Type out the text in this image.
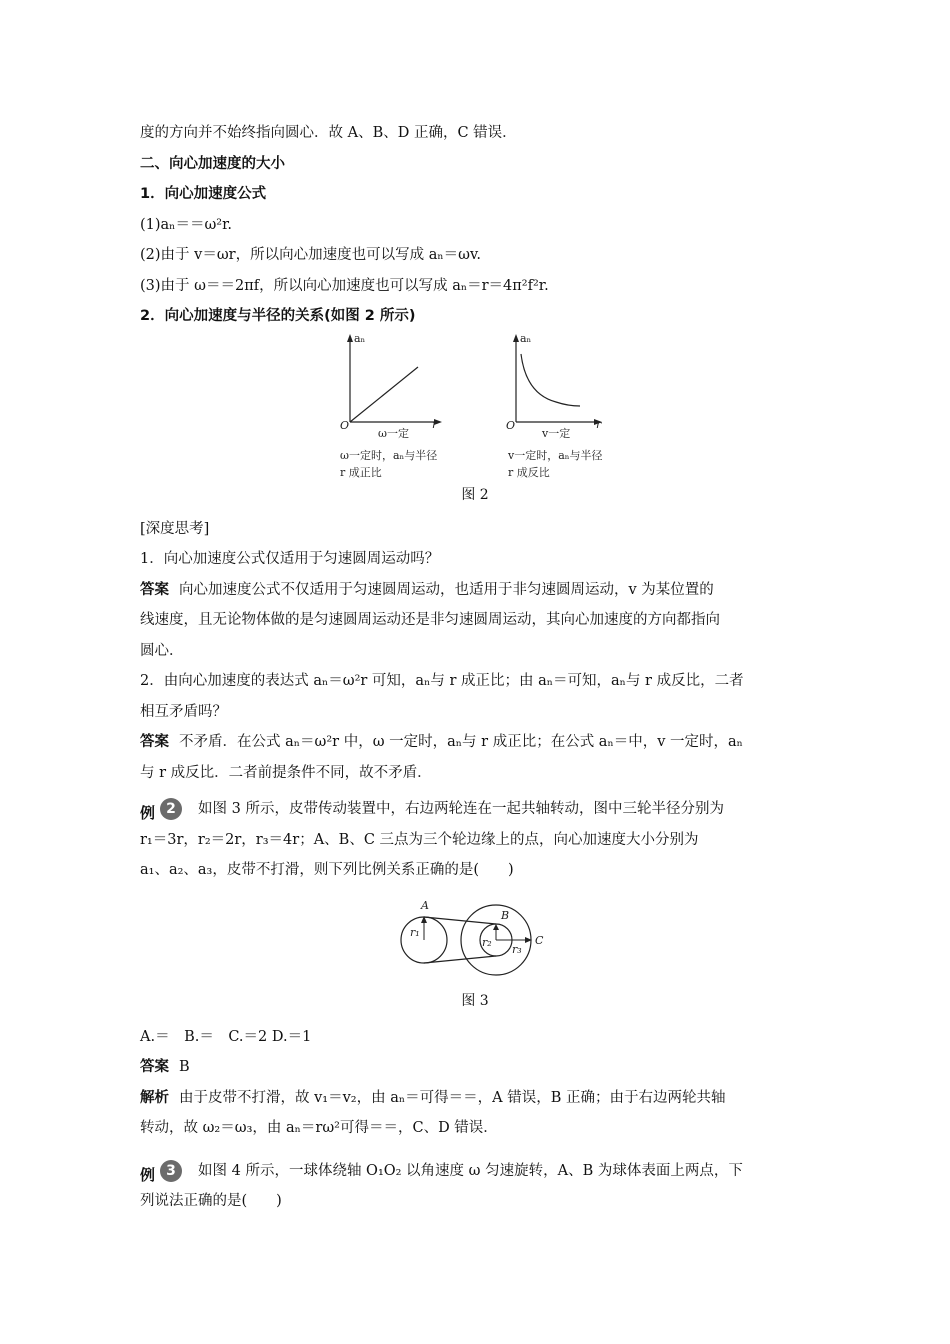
度的方向并不始终指向圆心．故 A、B、D 正确，C 错误．
二、向心加速度的大小
1．向心加速度公式
(1)aₙ＝＝ω²r.
(2)由于 v＝ωr，所以向心加速度也可以写成 aₙ＝ωv.
(3)由于 ω＝＝2πf，所以向心加速度也可以写成 aₙ＝r＝4π²f²r.
2．向心加速度与半径的关系(如图 2 所示)
aₙ
O	r
ω一定
ω一定时，aₙ与半径
r 成正比
aₙ
O	r
v一定
v一定时，aₙ与半径
r 成反比
图 2
[深度思考]
1．向心加速度公式仅适用于匀速圆周运动吗？
答案 向心加速度公式不仅适用于匀速圆周运动，也适用于非匀速圆周运动，v 为某位置的
线速度，且无论物体做的是匀速圆周运动还是非匀速圆周运动，其向心加速度的方向都指向
圆心．
2．由向心加速度的表达式 aₙ＝ω²r 可知，aₙ与 r 成正比；由 aₙ＝可知，aₙ与 r 成反比，二者
相互矛盾吗？
答案 不矛盾．在公式 aₙ＝ω²r 中，ω 一定时，aₙ与 r 成正比；在公式 aₙ＝中，v 一定时，aₙ
与 r 成反比．二者前提条件不同，故不矛盾．
例 2	如图 3 所示，皮带传动装置中，右边两轮连在一起共轴转动，图中三轮半径分别为
r₁＝3r，r₂＝2r，r₃＝4r；A、B、C 三点为三个轮边缘上的点，向心加速度大小分别为
a₁、a₂、a₃，皮带不打滑，则下列比例关系正确的是(　　)
A
B
C
r₁
r₂
r₃
图 3
A.＝　B.＝　C.＝2 D.＝1
答案 B
解析 由于皮带不打滑，故 v₁＝v₂，由 aₙ＝可得＝＝，A 错误，B 正确；由于右边两轮共轴
转动，故 ω₂＝ω₃，由 aₙ＝rω²可得＝＝，C、D 错误．
例 3	如图 4 所示，一球体绕轴 O₁O₂ 以角速度 ω 匀速旋转，A、B 为球体表面上两点，下
列说法正确的是(　　)
